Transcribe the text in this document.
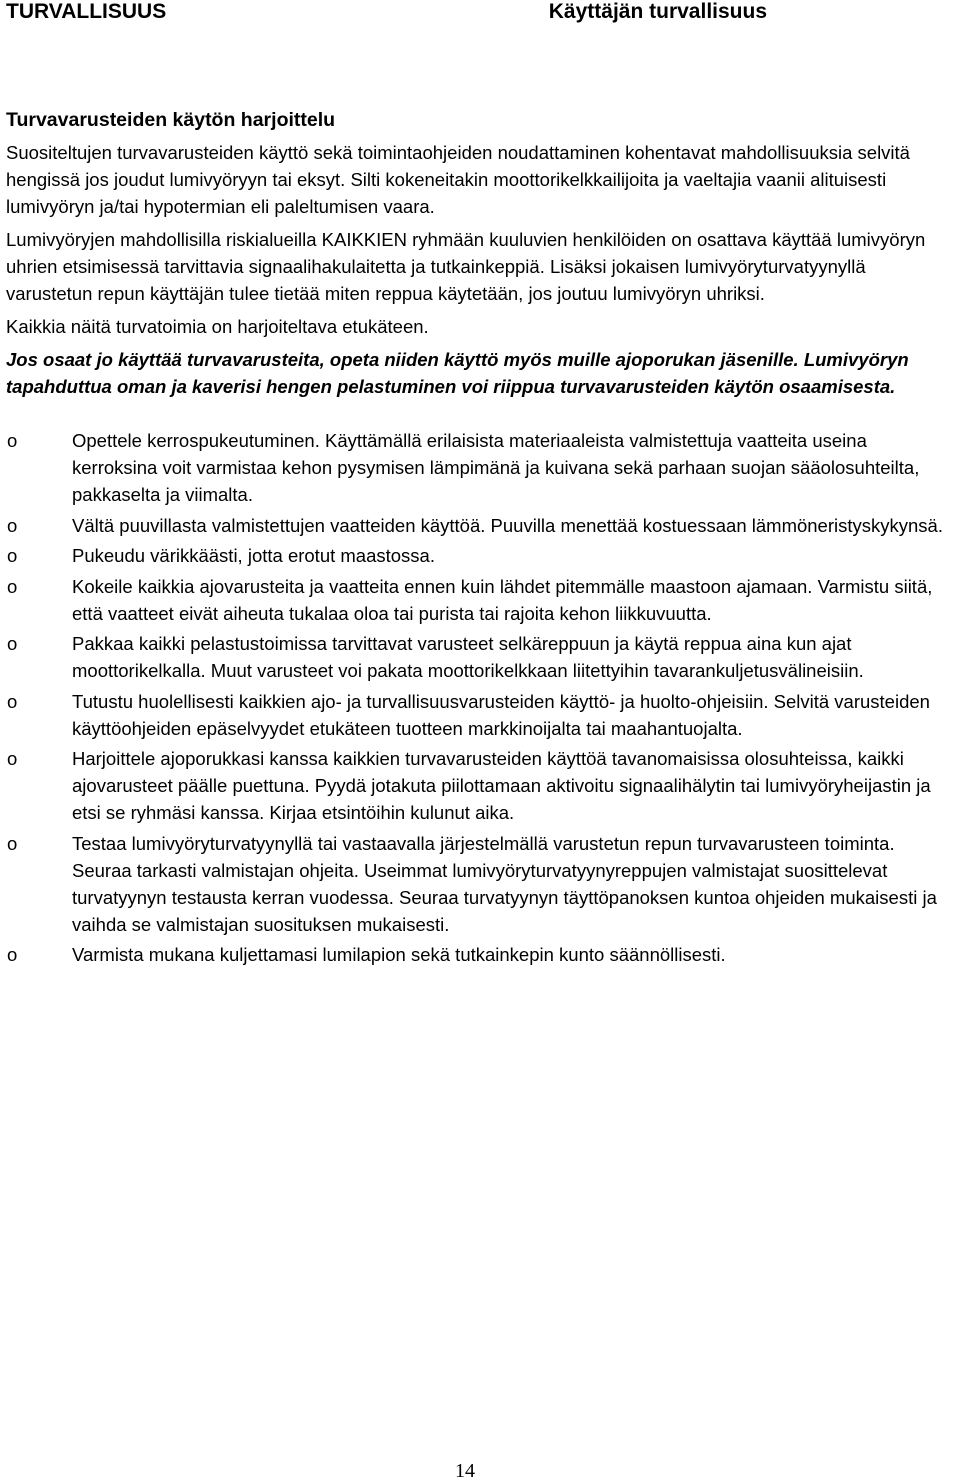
TURVALLISUUS	Käyttäjän turvallisuus
Turvavarusteiden käytön harjoittelu

Suositeltujen turvavarusteiden käyttö sekä toimintaohjeiden noudattaminen kohentavat mahdollisuuksia selvitä hengissä jos joudut lumivyöryyn tai eksyt. Silti kokeneitakin moottorikelkkailijoita ja vaeltajia vaanii alituisesti lumivyöryn ja/tai hypotermian eli paleltumisen vaara.

Lumivyöryjen mahdollisilla riskialueilla KAIKKIEN ryhmään kuuluvien henkilöiden on osattava käyttää lumivyöryn uhrien etsimisessä tarvittavia signaalihakulaitetta ja tutkainkeppiä. Lisäksi jokaisen lumivyöryturvatyynyllä varustetun repun käyttäjän tulee tietää miten reppua käytetään, jos joutuu lumivyöryn uhriksi.

Kaikkia näitä turvatoimia on harjoiteltava etukäteen.

Jos osaat jo käyttää turvavarusteita, opeta niiden käyttö myös muille ajoporukan jäsenille. Lumivyöryn tapahduttua oman ja kaverisi hengen pelastuminen voi riippua turvavarusteiden käytön osaamisesta.

o	Opettele kerrospukeutuminen. Käyttämällä erilaisista materiaaleista valmistettuja vaatteita useina kerroksina voit varmistaa kehon pysymisen lämpimänä ja kuivana sekä parhaan suojan sääolosuhteilta, pakkaselta ja viimalta.
o	Vältä puuvillasta valmistettujen vaatteiden käyttöä. Puuvilla menettää kostuessaan lämmöneristyskykynsä.
o	Pukeudu värikkäästi, jotta erotut maastossa.
o	Kokeile kaikkia ajovarusteita ja vaatteita ennen kuin lähdet pitemmälle maastoon ajamaan. Varmistu siitä, että vaatteet eivät aiheuta tukalaa oloa tai purista tai rajoita kehon liikkuvuutta.
o	Pakkaa kaikki pelastustoimissa tarvittavat varusteet selkäreppuun ja käytä reppua aina kun ajat moottorikelkalla. Muut varusteet voi pakata moottorikelkkaan liitettyihin tavarankuljetusvälineisiin.
o	Tutustu huolellisesti kaikkien ajo- ja turvallisuusvarusteiden käyttö- ja huolto-ohjeisiin. Selvitä varusteiden käyttöohjeiden epäselvyydet etukäteen tuotteen markkinoijalta tai maahantuojalta.
o	Harjoittele ajoporukkasi kanssa kaikkien turvavarusteiden käyttöä tavanomaisissa olosuhteissa, kaikki ajovarusteet päälle puettuna. Pyydä jotakuta piilottamaan aktivoitu signaalihälytin tai lumivyöryheijastin ja etsi se ryhmäsi kanssa. Kirjaa etsintöihin kulunut aika.
o	Testaa lumivyöryturvatyynyllä tai vastaavalla järjestelmällä varustetun repun turvavarusteen toiminta. Seuraa tarkasti valmistajan ohjeita. Useimmat lumivyöryturvatyynyreppujen valmistajat suosittelevat turvatyynyn testausta kerran vuodessa. Seuraa turvatyynyn täyttöpanoksen kuntoa ohjeiden mukaisesti ja vaihda se valmistajan suosituksen mukaisesti.
o	Varmista mukana kuljettamasi lumilapion sekä tutkainkepin kunto säännöllisesti.
14
